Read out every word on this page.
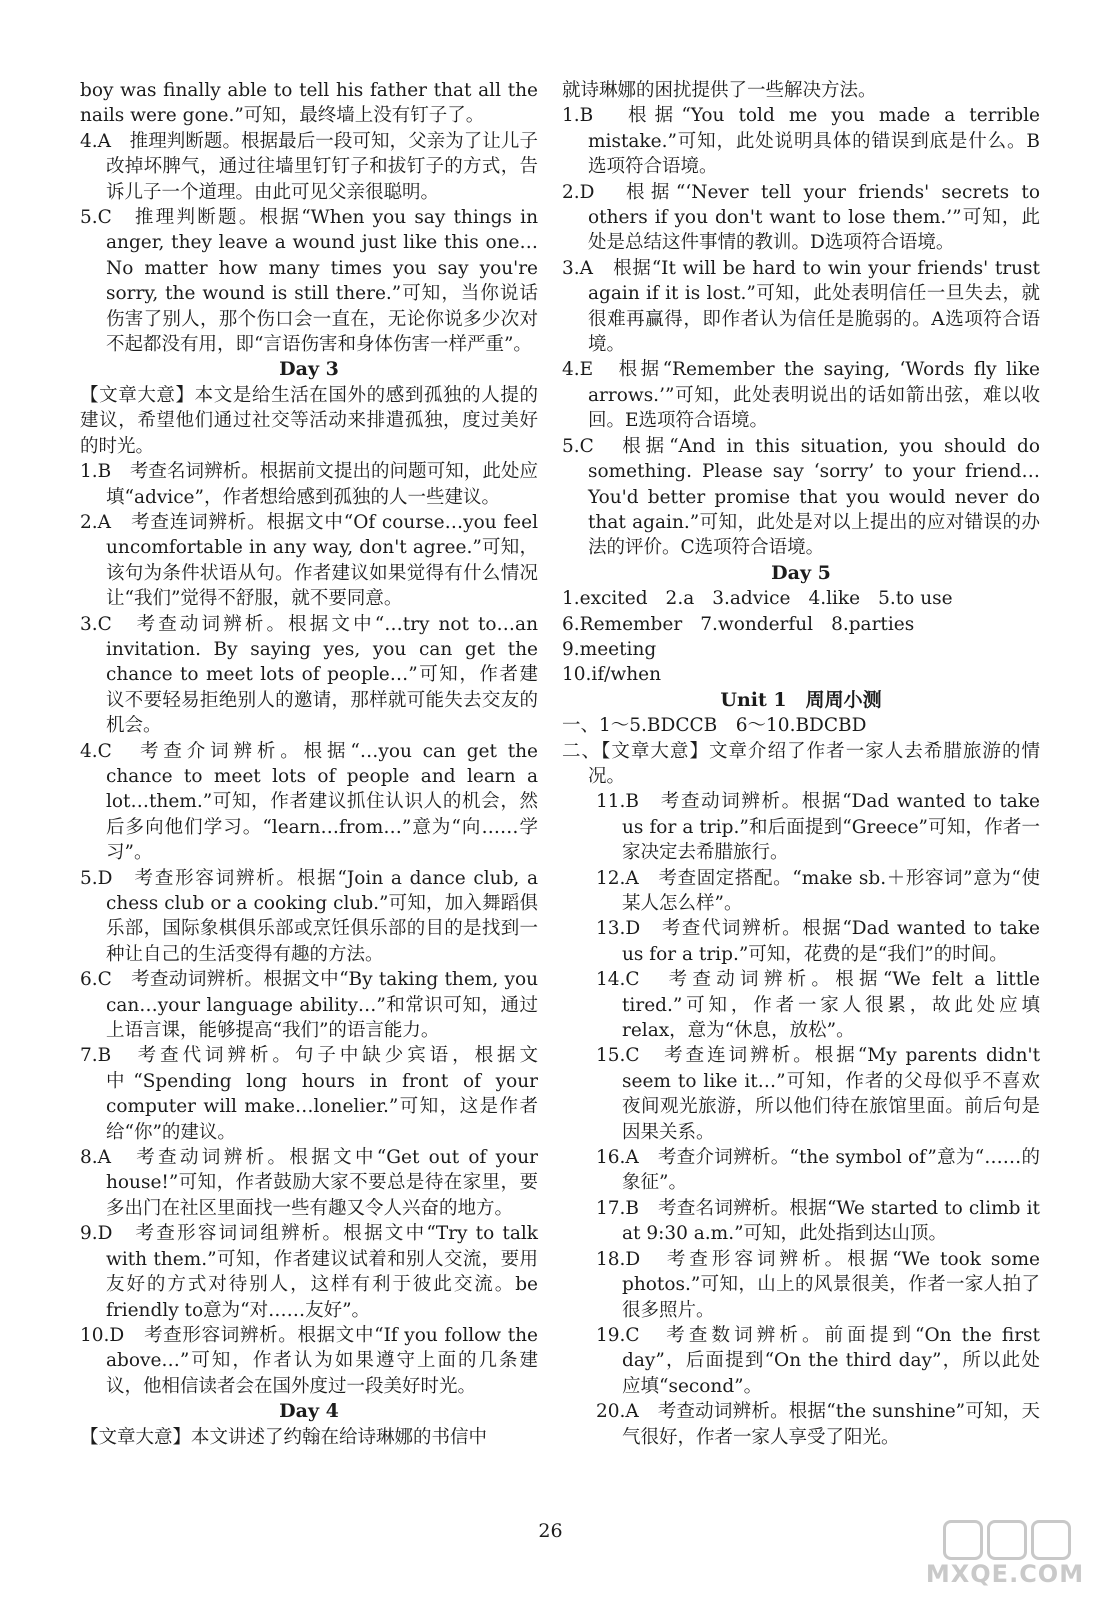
boy was finally able to tell his father that all the nails were gone.”可知，最终墙上没有钉子了。
4.A　推理判断题。根据最后一段可知，父亲为了让儿子改掉坏脾气，通过往墙里钉钉子和拔钉子的方式，告诉儿子一个道理。由此可见父亲很聪明。
5.C　推理判断题。根据“When you say things in anger, they leave a wound just like this one…No matter how many times you say you're sorry, the wound is still there.”可知，当你说话伤害了别人，那个伤口会一直在，无论你说多少次对不起都没有用，即“言语伤害和身体伤害一样严重”。
Day 3
【文章大意】本文是给生活在国外的感到孤独的人提的建议，希望他们通过社交等活动来排遣孤独，度过美好的时光。
1.B　考查名词辨析。根据前文提出的问题可知，此处应填“advice”，作者想给感到孤独的人一些建议。
2.A　考查连词辨析。根据文中“Of course…you feel uncomfortable in any way, don't agree.”可知，该句为条件状语从句。作者建议如果觉得有什么情况让“我们”觉得不舒服，就不要同意。
3.C　考查动词辨析。根据文中“…try not to…an invitation. By saying yes, you can get the chance to meet lots of people…”可知，作者建议不要轻易拒绝别人的邀请，那样就可能失去交友的机会。
4.C　考查介词辨析。根据“…you can get the chance to meet lots of people and learn a lot…them.”可知，作者建议抓住认识人的机会，然后多向他们学习。“learn…from…”意为“向……学习”。
5.D　考查形容词辨析。根据“Join a dance club, a chess club or a cooking club.”可知，加入舞蹈俱乐部，国际象棋俱乐部或烹饪俱乐部的目的是找到一种让自己的生活变得有趣的方法。
6.C　考查动词辨析。根据文中“By taking them, you can…your language ability…”和常识可知，通过上语言课，能够提高“我们”的语言能力。
7.B　考查代词辨析。句子中缺少宾语，根据文中“Spending long hours in front of your computer will make…lonelier.”可知，这是作者给“你”的建议。
8.A　考查动词辨析。根据文中“Get out of your house!”可知，作者鼓励大家不要总是待在家里，要多出门在社区里面找一些有趣又令人兴奋的地方。
9.D　考查形容词词组辨析。根据文中“Try to talk with them.”可知，作者建议试着和别人交流，要用友好的方式对待别人，这样有利于彼此交流。be friendly to意为“对……友好”。
10.D　考查形容词辨析。根据文中“If you follow the above…”可知，作者认为如果遵守上面的几条建议，他相信读者会在国外度过一段美好时光。
Day 4
【文章大意】本文讲述了约翰在给诗琳娜的书信中
就诗琳娜的困扰提供了一些解决方法。
1.B　根据“You told me you made a terrible mistake.”可知，此处说明具体的错误到底是什么。B选项符合语境。
2.D　根据“‘Never tell your friends' secrets to others if you don't want to lose them.’”可知，此处是总结这件事情的教训。D选项符合语境。
3.A　根据“It will be hard to win your friends' trust again if it is lost.”可知，此处表明信任一旦失去，就很难再赢得，即作者认为信任是脆弱的。A选项符合语境。
4.E　根据“Remember the saying, ‘Words fly like arrows.’”可知，此处表明说出的话如箭出弦，难以收回。E选项符合语境。
5.C　根据“And in this situation, you should do something. Please say ‘sorry’ to your friend… You'd better promise that you would never do that again.”可知，此处是对以上提出的应对错误的办法的评价。C选项符合语境。
Day 5
1.excited 2.a 3.advice 4.like 5.to use
6.Remember 7.wonderful 8.parties
9.meeting
10.if/when
Unit 1　周周小测
一、1～5.BDCCB　6～10.BDCBD
二、【文章大意】文章介绍了作者一家人去希腊旅游的情况。
11.B　考查动词辨析。根据“Dad wanted to take us for a trip.”和后面提到“Greece”可知，作者一家决定去希腊旅行。
12.A　考查固定搭配。“make sb.＋形容词”意为“使某人怎么样”。
13.D　考查代词辨析。根据“Dad wanted to take us for a trip.”可知，花费的是“我们”的时间。
14.C　考查动词辨析。根据“We felt a little tired.”可知，作者一家人很累，故此处应填relax，意为“休息，放松”。
15.C　考查连词辨析。根据“My parents didn't seem to like it…”可知，作者的父母似乎不喜欢夜间观光旅游，所以他们待在旅馆里面。前后句是因果关系。
16.A　考查介词辨析。“the symbol of”意为“……的象征”。
17.B　考查名词辨析。根据“We started to climb it at 9:30 a.m.”可知，此处指到达山顶。
18.D　考查形容词辨析。根据“We took some photos.”可知，山上的风景很美，作者一家人拍了很多照片。
19.C　考查数词辨析。前面提到“On the first day”，后面提到“On the third day”，所以此处应填“second”。
20.A　考查动词辨析。根据“the sunshine”可知，天气很好，作者一家人享受了阳光。
26
MXQE.COM
